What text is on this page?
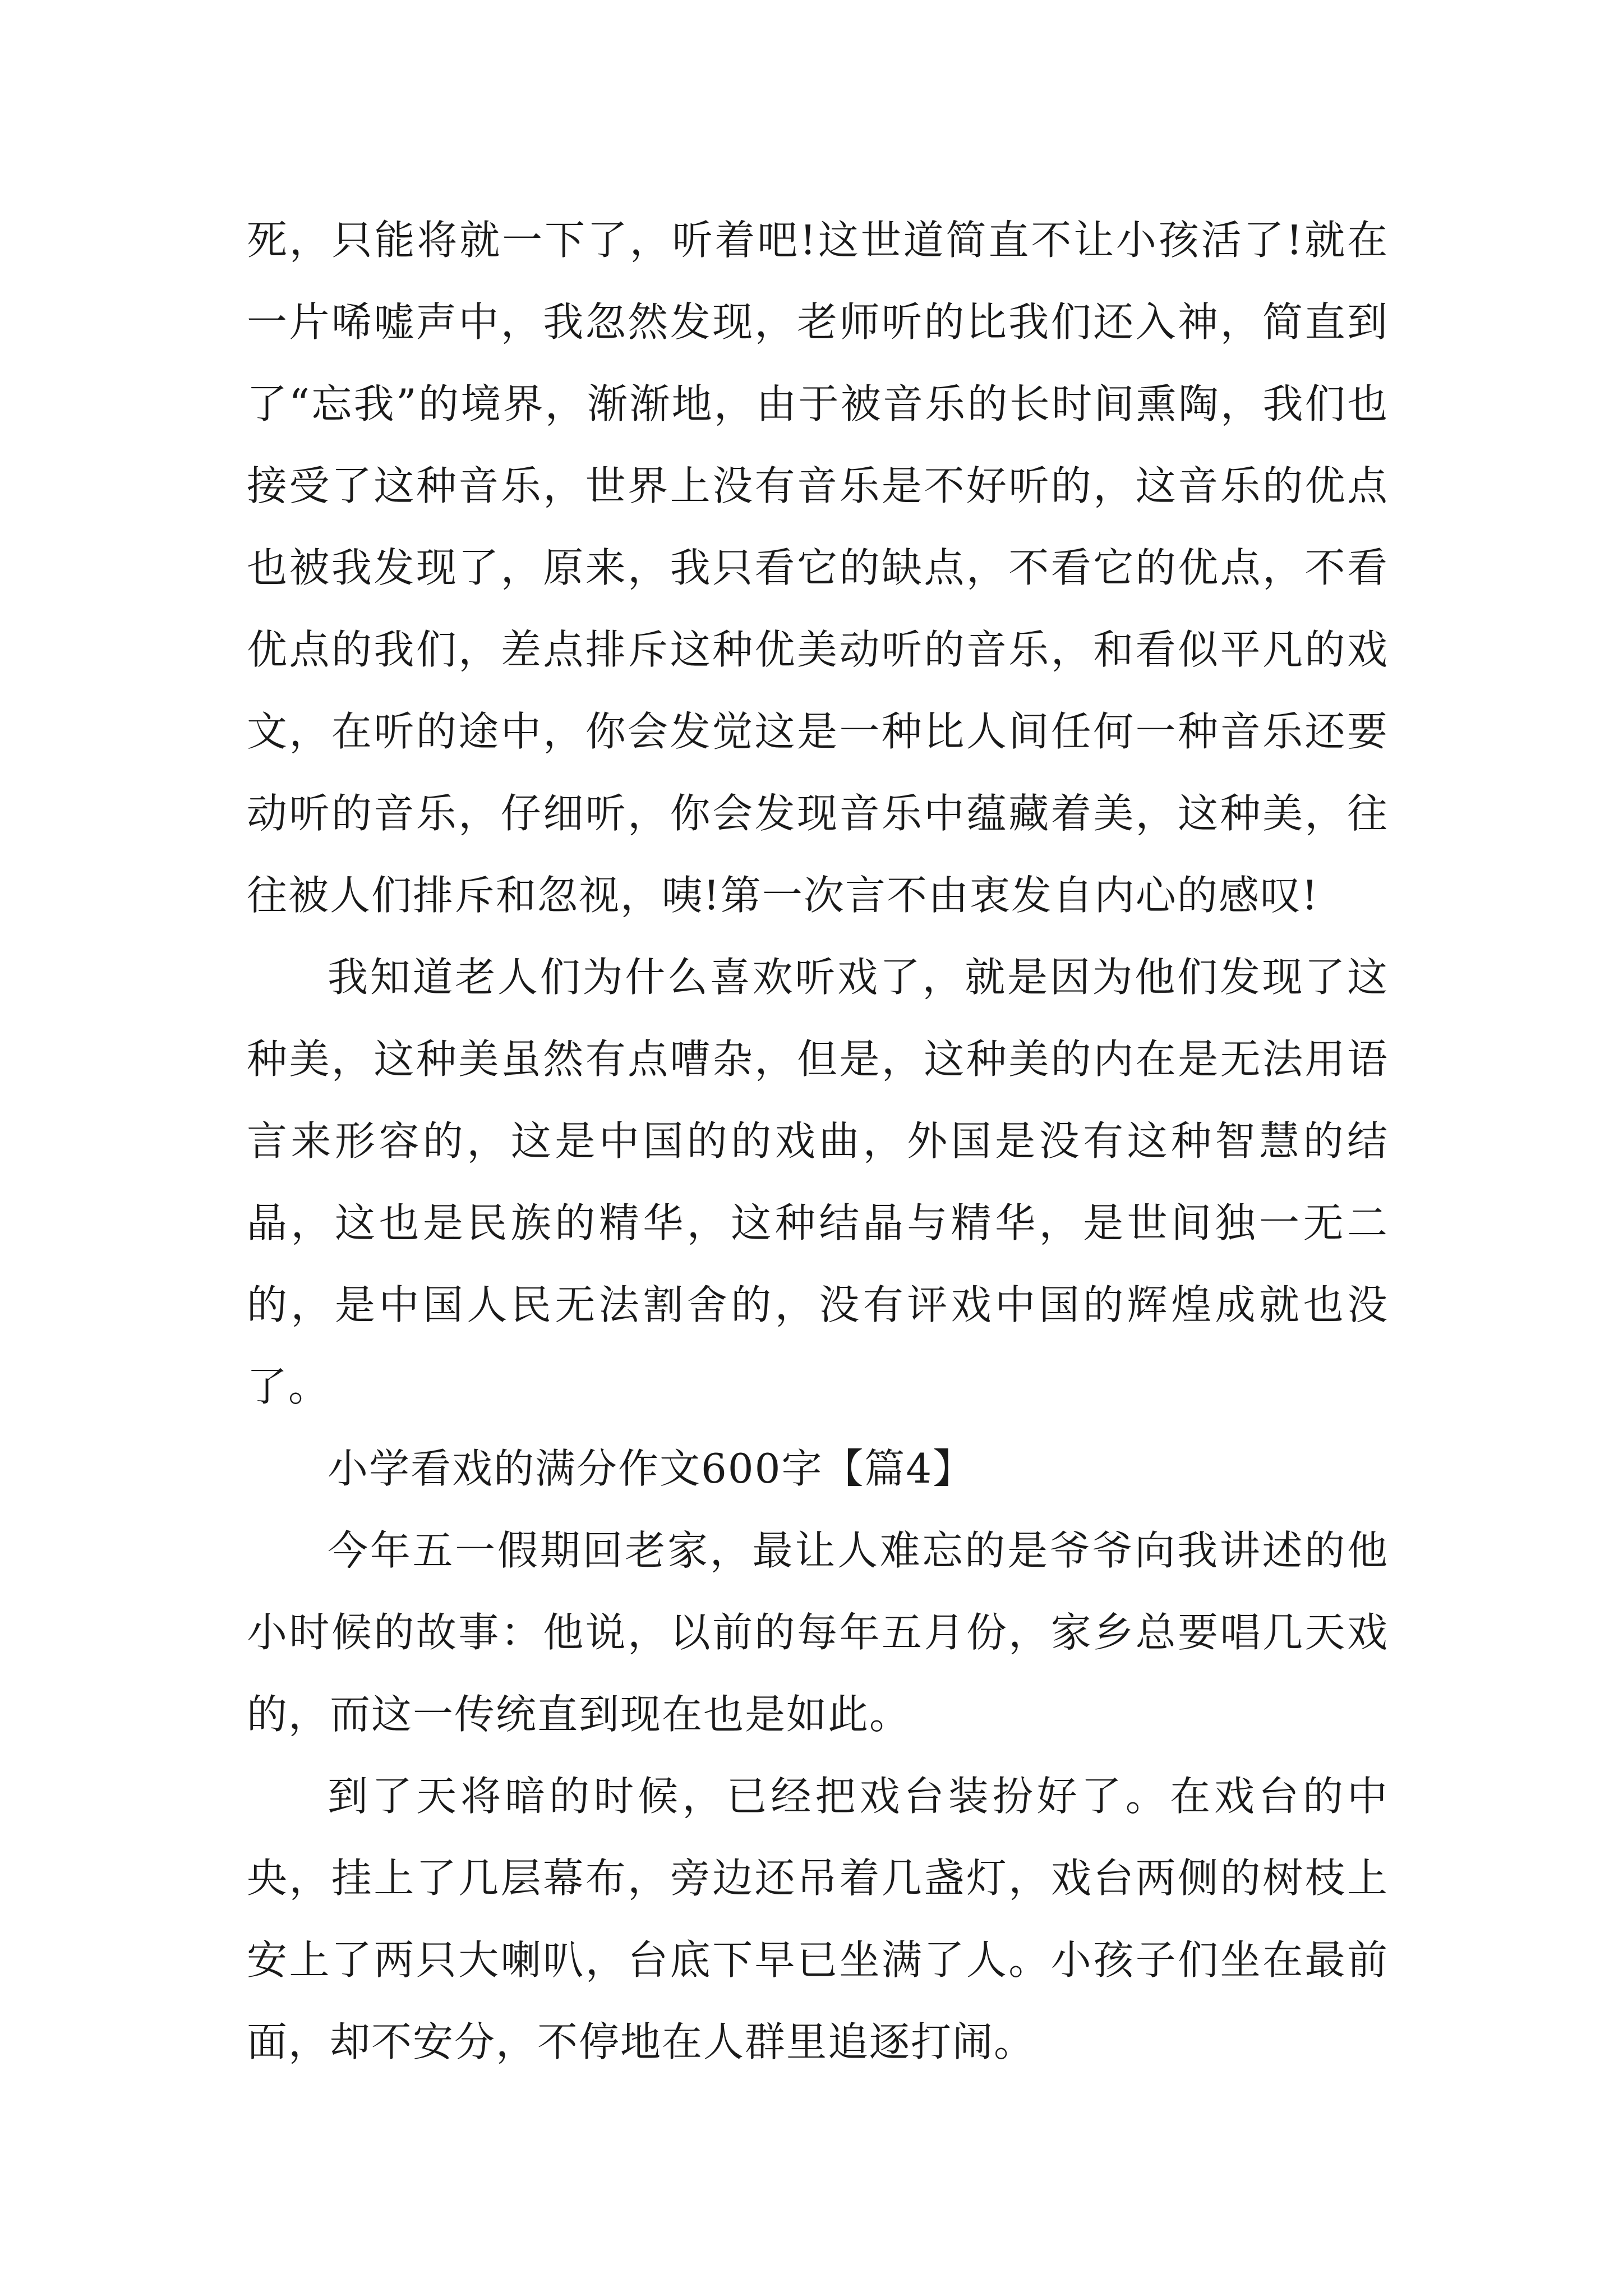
死，只能将就一下了，听着吧!这世道简直不让小孩活了!就在一片唏嘘声中，我忽然发现，老师听的比我们还入神，简直到了“忘我”的境界，渐渐地，由于被音乐的长时间熏陶，我们也接受了这种音乐，世界上没有音乐是不好听的，这音乐的优点也被我发现了，原来，我只看它的缺点，不看它的优点，不看优点的我们，差点排斥这种优美动听的音乐，和看似平凡的戏文，在听的途中，你会发觉这是一种比人间任何一种音乐还要动听的音乐，仔细听，你会发现音乐中蕴藏着美，这种美，往往被人们排斥和忽视，咦!第一次言不由衷发自内心的感叹!

我知道老人们为什么喜欢听戏了，就是因为他们发现了这种美，这种美虽然有点嘈杂，但是，这种美的内在是无法用语言来形容的，这是中国的的戏曲，外国是没有这种智慧的结晶，这也是民族的精华，这种结晶与精华，是世间独一无二的，是中国人民无法割舍的，没有评戏中国的辉煌成就也没了。

小学看戏的满分作文600字【篇4】

今年五一假期回老家，最让人难忘的是爷爷向我讲述的他小时候的故事：他说，以前的每年五月份，家乡总要唱几天戏的，而这一传统直到现在也是如此。

到了天将暗的时候，已经把戏台装扮好了。在戏台的中央，挂上了几层幕布，旁边还吊着几盏灯，戏台两侧的树枝上安上了两只大喇叭，台底下早已坐满了人。小孩子们坐在最前面，却不安分，不停地在人群里追逐打闹。
